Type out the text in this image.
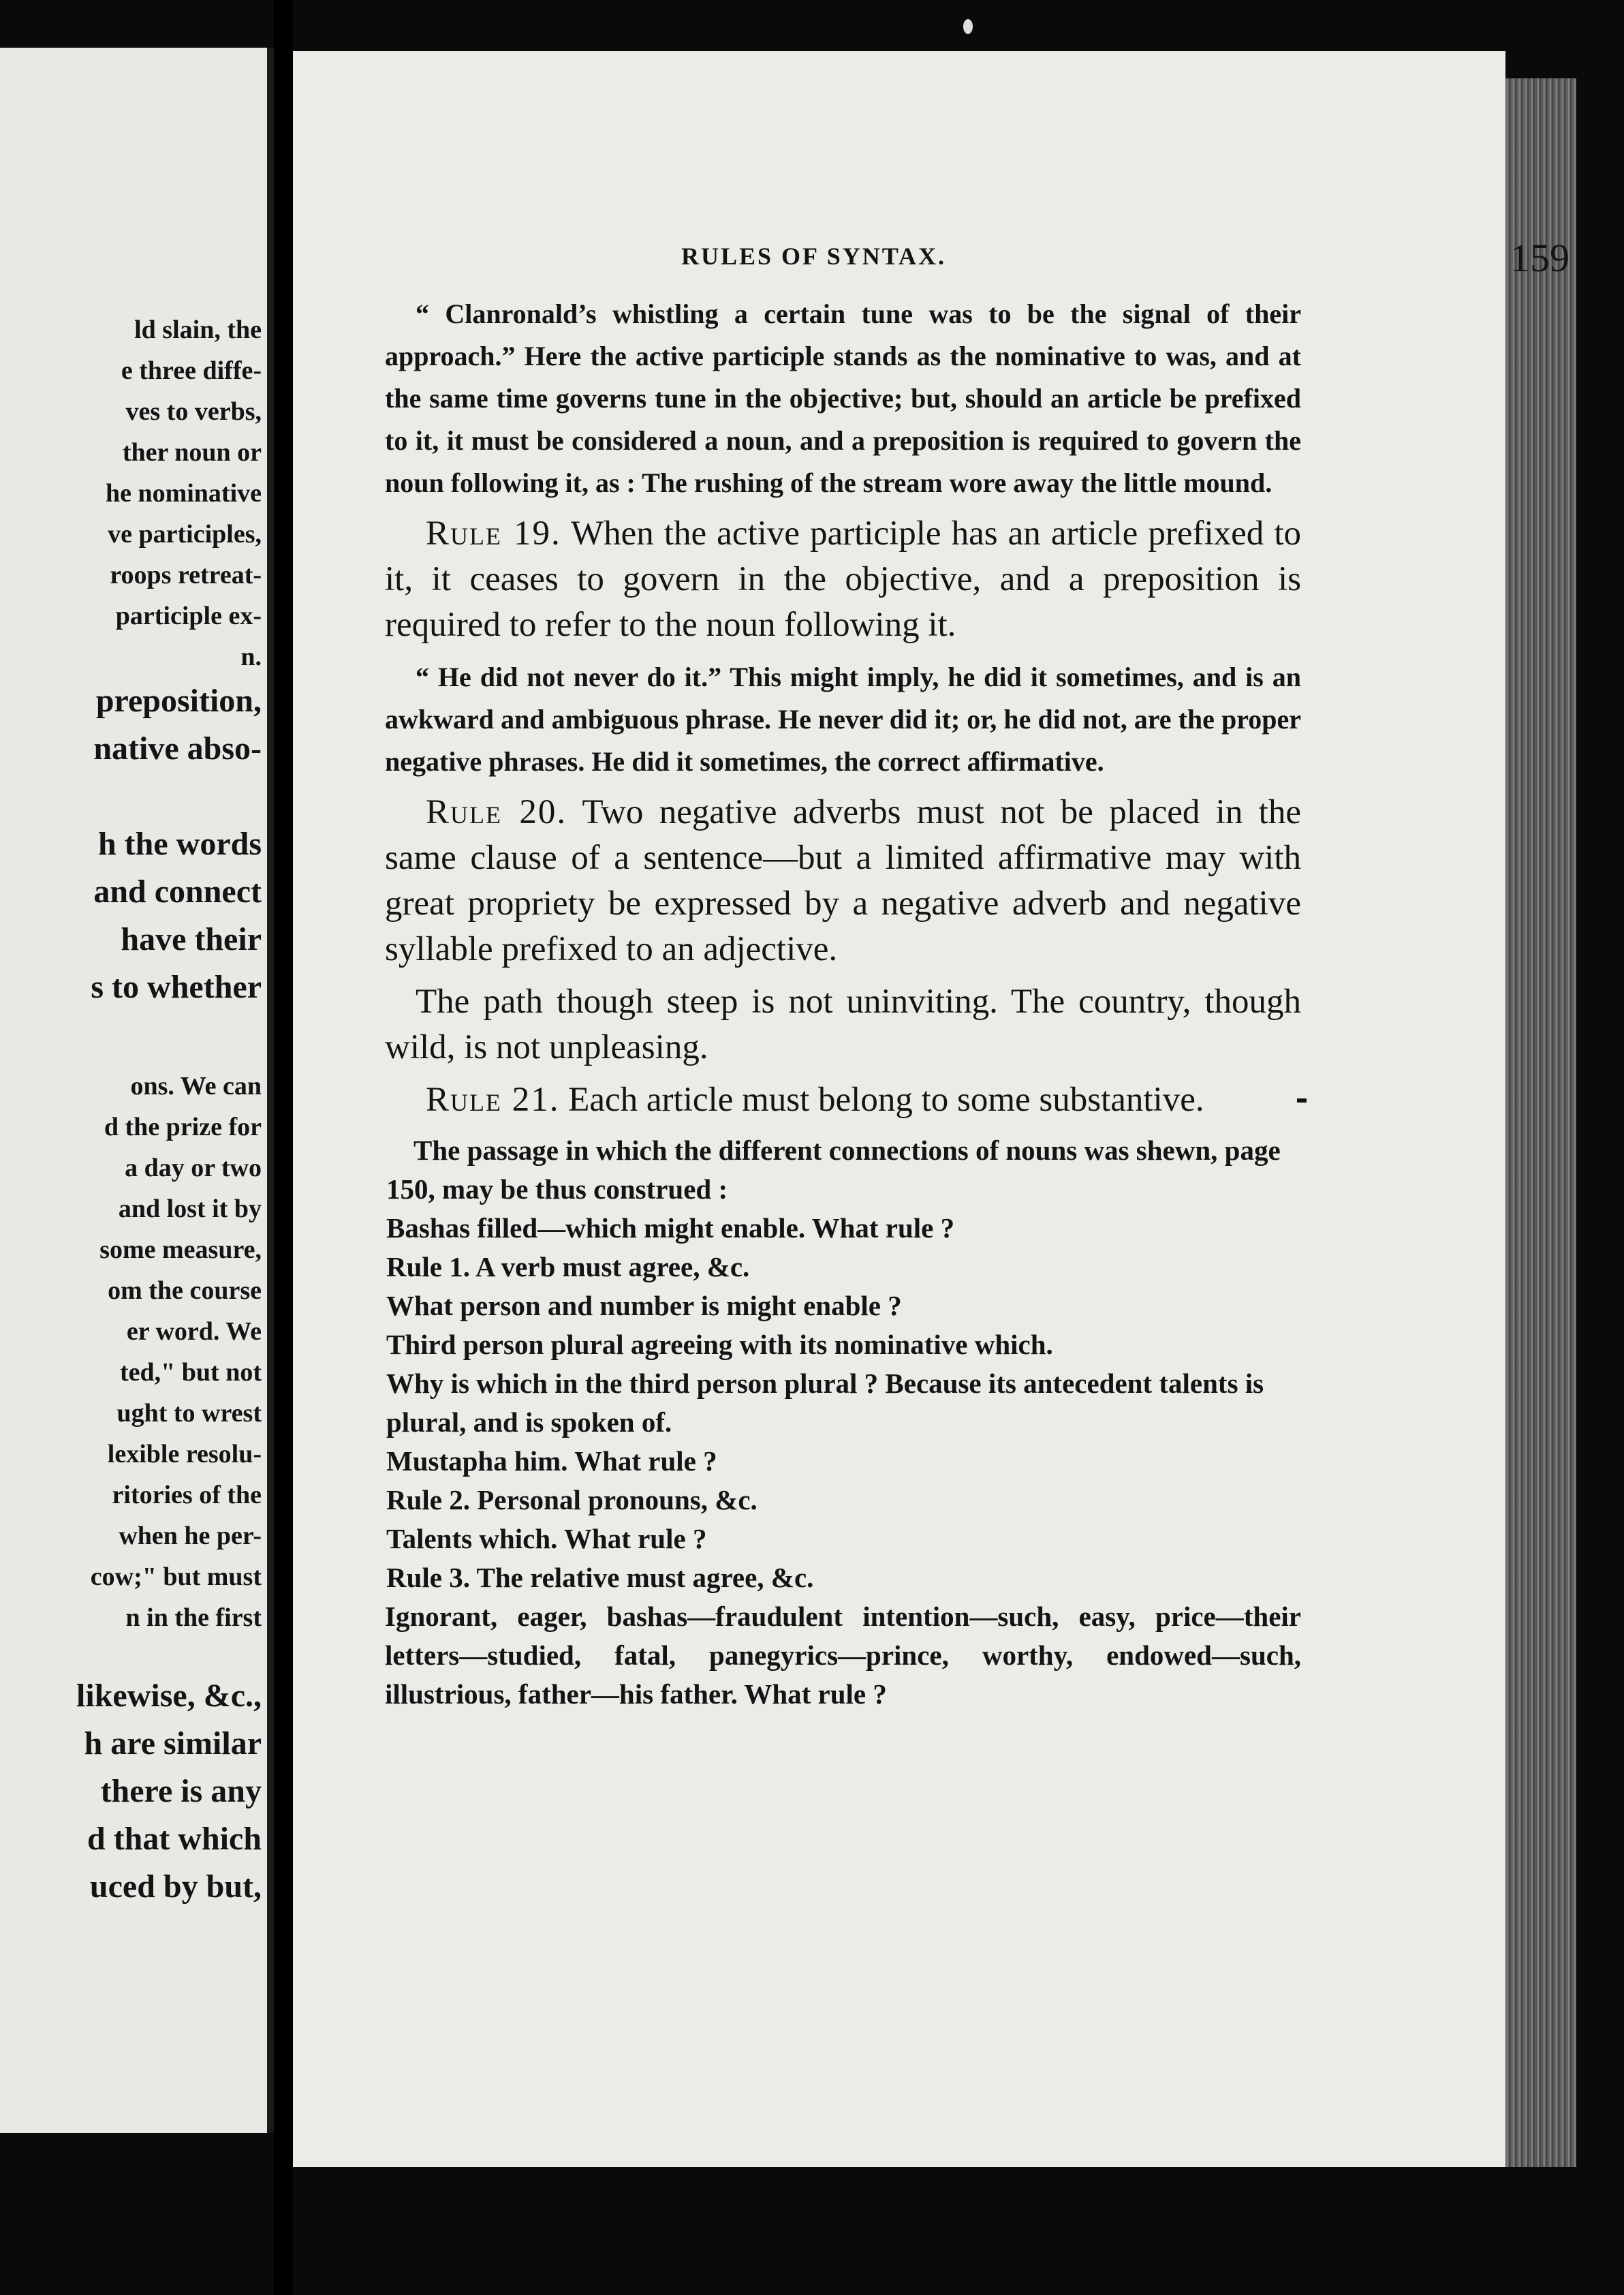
ld slain, the
e three diffe-
ves to verbs,
ther noun or
he nominative
ve participles,
roops retreat-
participle ex-
n.
preposition,
native abso-
h the words
and connect
have their
s to whether
ons. We can
d the prize for
a day or two
and lost it by
some measure,
om the course
er word. We
ted," but not
ught to wrest
lexible resolu-
ritories of the
when he per-
cow;" but must
n in the first
likewise, &c.,
h are similar
there is any
d that which
uced by but,
RULES OF SYNTAX.	159

“ Clanronald’s whistling a certain tune was to be the signal of their approach.” Here the active participle stands as the nominative to was, and at the same time governs tune in the objective; but, should an article be prefixed to it, it must be considered a noun, and a preposition is required to govern the noun following it, as : The rushing of the stream wore away the little mound.

Rule 19. When the active participle has an article prefixed to it, it ceases to govern in the objective, and a preposition is required to refer to the noun following it.

“ He did not never do it.” This might imply, he did it sometimes, and is an awkward and ambiguous phrase. He never did it; or, he did not, are the proper negative phrases. He did it sometimes, the correct affirmative.

Rule 20. Two negative adverbs must not be placed in the same clause of a sentence—but a limited affirmative may with great propriety be expressed by a negative adverb and negative syllable prefixed to an adjective.

The path though steep is not uninviting. The country, though wild, is not unpleasing.

Rule 21. Each article must belong to some substantive.

The passage in which the different connections of nouns was shewn, page 150, may be thus construed :

Bashas filled—which might enable. What rule ?

Rule 1. A verb must agree, &c.

What person and number is might enable ?

Third person plural agreeing with its nominative which.

Why is which in the third person plural ? Because its antecedent talents is plural, and is spoken of.

Mustapha him. What rule ?

Rule 2. Personal pronouns, &c.

Talents which. What rule ?

Rule 3. The relative must agree, &c.

Ignorant, eager, bashas—fraudulent intention—such, easy, price—their letters—studied, fatal, panegyrics—prince, worthy, endowed—such, illustrious, father—his father. What rule ?
